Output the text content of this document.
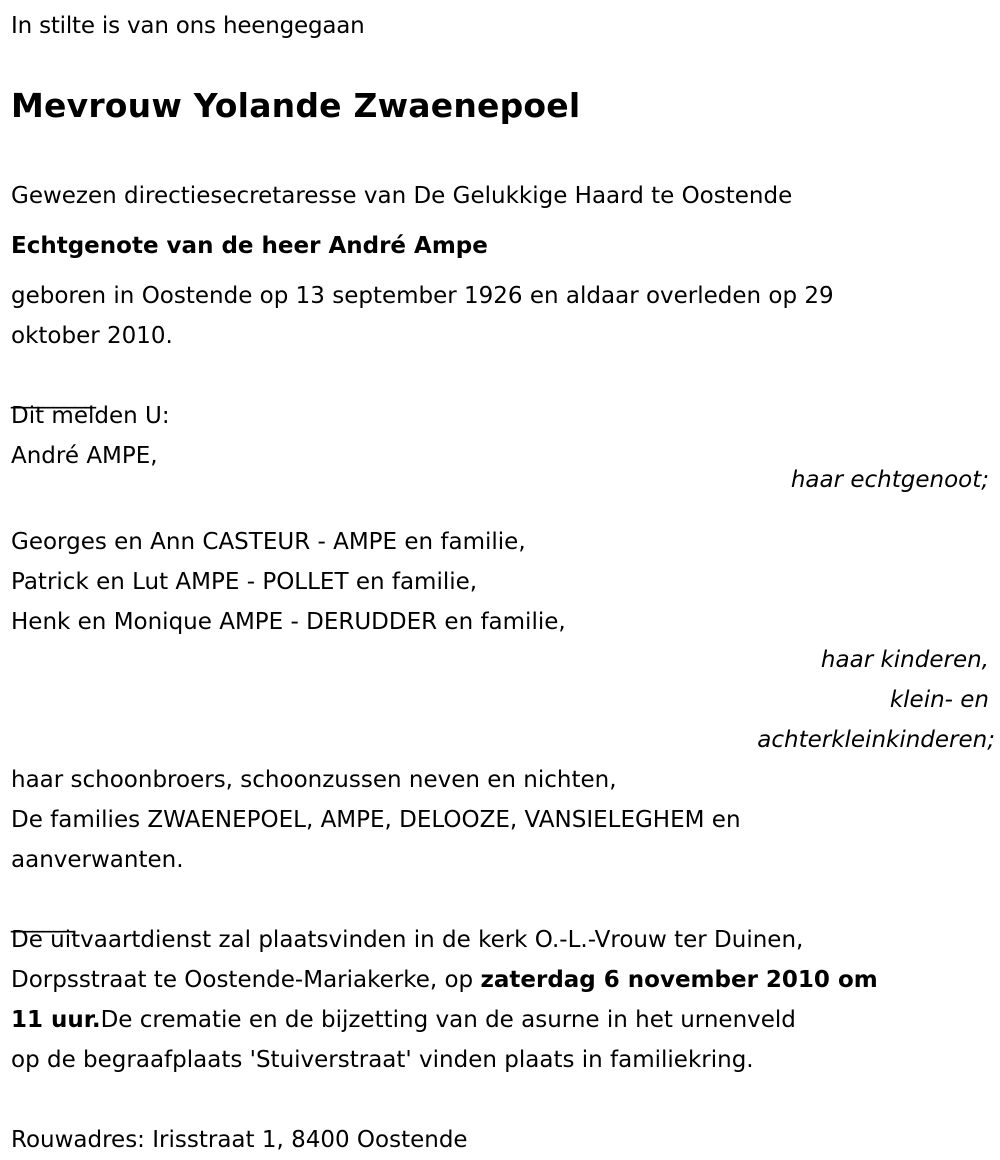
In stilte is van ons heengegaan
Mevrouw Yolande Zwaenepoel
Gewezen directiesecretaresse van De Gelukkige Haard te Oostende
Echtgenote van de heer André Ampe
geboren in Oostende op 13 september 1926 en aldaar overleden op 29
oktober 2010.
________
Dit melden U:
André AMPE,
haar echtgenoot;
Georges en Ann CASTEUR - AMPE en familie,
Patrick en Lut AMPE - POLLET en familie,
Henk en Monique AMPE - DERUDDER en familie,
haar kinderen,
klein- en
achterkleinkinderen;
haar schoonbroers, schoonzussen neven en nichten,
De families ZWAENEPOEL, AMPE, DELOOZE, VANSIELEGHEM en
aanverwanten.
______
De uitvaartdienst zal plaatsvinden in de kerk O.-L.-Vrouw ter Duinen,
Dorpsstraat te Oostende-Mariakerke, op zaterdag 6 november 2010 om
11 uur.De crematie en de bijzetting van de asurne in het urnenveld
op de begraafplaats 'Stuiverstraat' vinden plaats in familiekring.
Rouwadres: Irisstraat 1, 8400 Oostende
